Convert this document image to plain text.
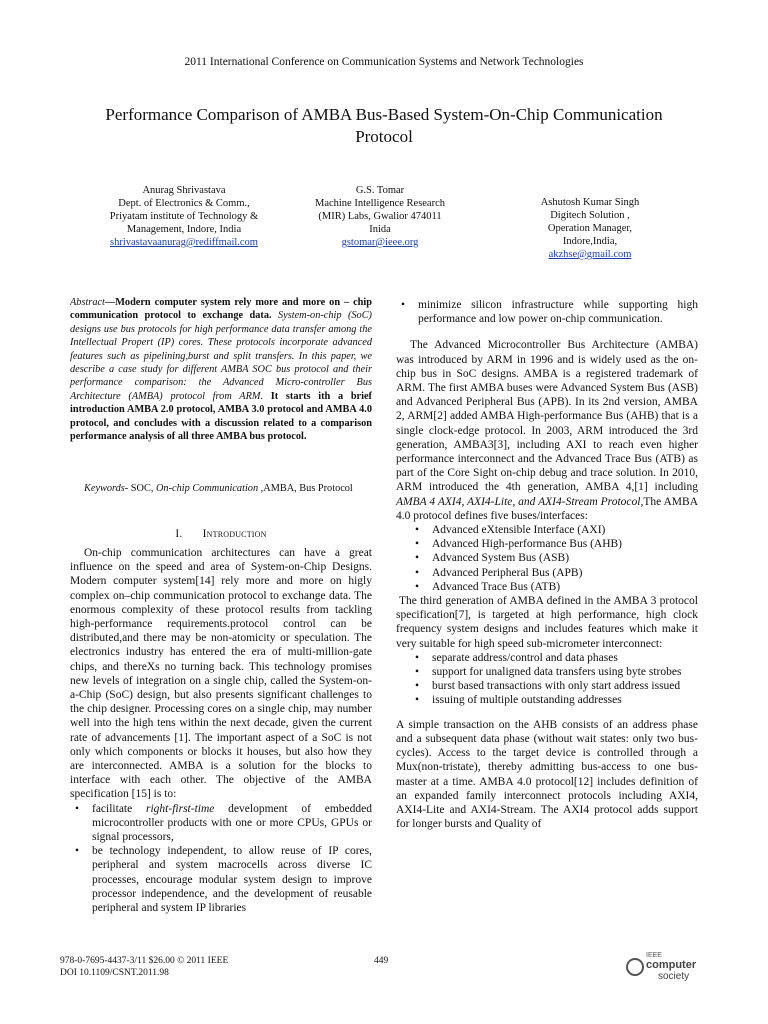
2011 International Conference on Communication Systems and Network Technologies
Performance Comparison of AMBA Bus-Based System-On-Chip Communication
Protocol
Anurag Shrivastava
Dept. of Electronics & Comm.,
Priyatam institute of Technology &
Management, Indore, India
shrivastavaanurag@rediffmail.com
G.S. Tomar
Machine Intelligence Research
(MIR) Labs, Gwalior 474011
Inida
gstomar@ieee.org
Ashutosh Kumar Singh
Digitech Solution ,
Operation Manager,
Indore,India,
akzhse@gmail.com
Abstract—Modern computer system rely more and more on – chip communication protocol to exchange data. System-on-chip (SoC) designs use bus protocols for high performance data transfer among the Intellectual Propert (IP) cores. These protocols incorporate advanced features such as pipelining,burst and split transfers. In this paper, we describe a case study for different AMBA SOC bus protocol and their performance comparison: the Advanced Micro-controller Bus Architecture (AMBA) protocol from ARM. It starts ith a brief introduction AMBA 2.0 protocol, AMBA 3.0 protocol and AMBA 4.0 protocol, and concludes with a discussion related to a comparison performance analysis of all three AMBA bus protocol.
Keywords- SOC, On-chip Communication ,AMBA, Bus Protocol
I. Introduction

On-chip communication architectures can have a great influence on the speed and area of System-on-Chip Designs. Modern computer system[14] rely more and more on higly complex on–chip communication protocol to exchange data. The enormous complexity of these protocol results from tackling high-performance requirements.protocol control can be distributed,and there may be non-atomicity or speculation. The electronics industry has entered the era of multi-million-gate chips, and thereXs no turning back. This technology promises new levels of integration on a single chip, called the System-on-a-Chip (SoC) design, but also presents significant challenges to the chip designer. Processing cores on a single chip, may number well into the high tens within the next decade, given the current rate of advancements [1]. The important aspect of a SoC is not only which components or blocks it houses, but also how they are interconnected. AMBA is a solution for the blocks to interface with each other. The objective of the AMBA specification [15] is to:

• facilitate right-first-time development of embedded microcontroller products with one or more CPUs, GPUs or signal processors,
• be technology independent, to allow reuse of IP cores, peripheral and system macrocells across diverse IC processes, encourage modular system design to improve processor independence, and the development of reusable peripheral and system IP libraries
• minimize silicon infrastructure while supporting high performance and low power on-chip communication.

The Advanced Microcontroller Bus Architecture (AMBA) was introduced by ARM in 1996 and is widely used as the on-chip bus in SoC designs. AMBA is a registered trademark of ARM. The first AMBA buses were Advanced System Bus (ASB) and Advanced Peripheral Bus (APB). In its 2nd version, AMBA 2, ARM[2] added AMBA High-performance Bus (AHB) that is a single clock-edge protocol. In 2003, ARM introduced the 3rd generation, AMBA3[3], including AXI to reach even higher performance interconnect and the Advanced Trace Bus (ATB) as part of the Core Sight on-chip debug and trace solution. In 2010, ARM introduced the 4th generation, AMBA 4,[1] including AMBA 4 AXI4, AXI4-Lite, and AXI4-Stream Protocol,The AMBA 4.0 protocol defines five buses/interfaces:

• Advanced eXtensible Interface (AXI)
• Advanced High-performance Bus (AHB)
• Advanced System Bus (ASB)
• Advanced Peripheral Bus (APB)
• Advanced Trace Bus (ATB)

The third generation of AMBA defined in the AMBA 3 protocol specification[7], is targeted at high performance, high clock frequency system designs and includes features which make it very suitable for high speed sub-micrometer interconnect:

• separate address/control and data phases
• support for unaligned data transfers using byte strobes
• burst based transactions with only start address issued
• issuing of multiple outstanding addresses

A simple transaction on the AHB consists of an address phase and a subsequent data phase (without wait states: only two bus-cycles). Access to the target device is controlled through a Mux(non-tristate), thereby admitting bus-access to one bus-master at a time. AMBA 4.0 protocol[12] includes definition of an expanded family interconnect protocols including AXI4, AXI4-Lite and AXI4-Stream. The AXI4 protocol adds support for longer bursts and Quality of

978-0-7695-4437-3/11 $26.00 © 2011 IEEE
DOI 10.1109/CSNT.2011.98
449
IEEE
computer
society
